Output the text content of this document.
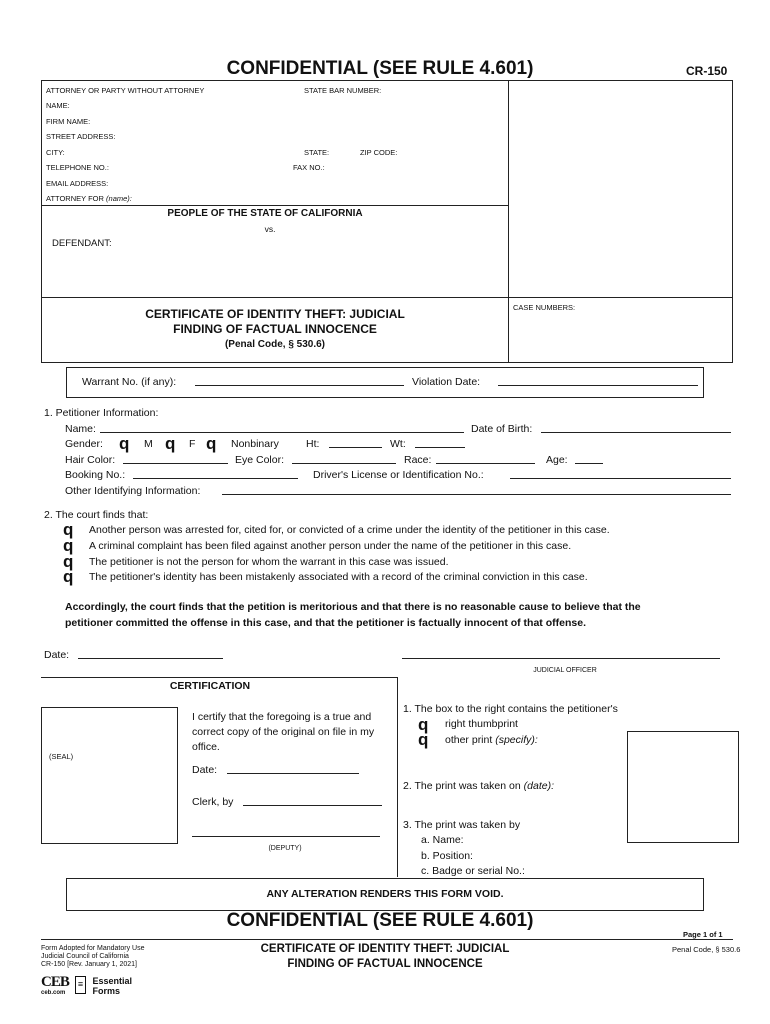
CONFIDENTIAL (SEE RULE 4.601)	CR-150
ATTORNEY OR PARTY WITHOUT ATTORNEY	STATE BAR NUMBER:
NAME:
FIRM NAME:
STREET ADDRESS:
CITY:	STATE:	ZIP CODE:
TELEPHONE NO.:	FAX NO.:
EMAIL ADDRESS:
ATTORNEY FOR (name):
PEOPLE OF THE STATE OF CALIFORNIA
vs.
DEFENDANT:
CERTIFICATE OF IDENTITY THEFT: JUDICIAL
FINDING OF FACTUAL INNOCENCE
(Penal Code, § 530.6)
CASE NUMBERS:
Warrant No. (if any):	Violation Date:
1. Petitioner Information:
Name:	Date of Birth:
Gender: q M q F q Nonbinary	Ht:	Wt:
Hair Color:	Eye Color:	Race:	Age:
Booking No.:	Driver's License or Identification No.:
Other Identifying Information:
2. The court finds that:
q Another person was arrested for, cited for, or convicted of a crime under the identity of the petitioner in this case.
q A criminal complaint has been filed against another person under the name of the petitioner in this case.
q The petitioner is not the person for whom the warrant in this case was issued.
q The petitioner's identity has been mistakenly associated with a record of the criminal conviction in this case.
Accordingly, the court finds that the petition is meritorious and that there is no reasonable cause to believe that the
petitioner committed the offense in this case, and that the petitioner is factually innocent of that offense.
Date:
JUDICIAL OFFICER
CERTIFICATION
(SEAL)
I certify that the foregoing is a true and
correct copy of the original on file in my
office.
Date:
Clerk, by
(DEPUTY)
1. The box to the right contains the petitioner's
q right thumbprint
q other print (specify):
2. The print was taken on (date):
3. The print was taken by
a. Name:
b. Position:
c. Badge or serial No.:
ANY ALTERATION RENDERS THIS FORM VOID.
CONFIDENTIAL (SEE RULE 4.601)
Page 1 of 1
Form Adopted for Mandatory Use
Judicial Council of California
CR-150 [Rev. January 1, 2021]
CERTIFICATE OF IDENTITY THEFT: JUDICIAL
FINDING OF FACTUAL INNOCENCE
Penal Code, § 530.6
CEB
ceb.com
≡ Essential
Forms
